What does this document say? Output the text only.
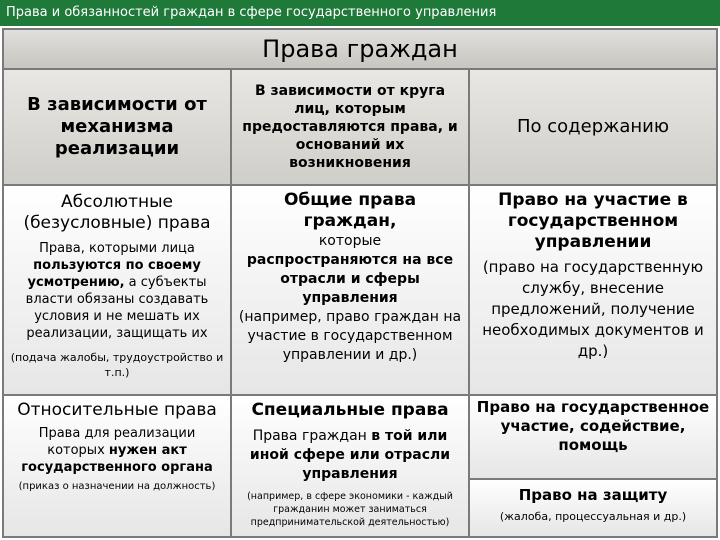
Права и обязанностей граждан в сфере государственного управления
Права граждан
В зависимости от механизма реализации
В зависимости от круга лиц, которым предоставляются права, и оснований их возникновения
По содержанию
Абсолютные (безусловные) права
Права, которыми лица пользуются по своему усмотрению, а субъекты власти обязаны создавать условия и не мешать их реализации, защищать их
(подача жалобы, трудоустройство и т.п.)
Общие права граждан,
которые
распространяются на все отрасли и сферы управления
(например, право граждан на участие в государственном управлении и др.)
Право на участие в государственном управлении
(право на государственную службу, внесение предложений, получение необходимых документов и др.)
Относительные права
Права для реализации которых нужен акт государственного органа
(приказ о назначении на должность)
Специальные права
Права граждан в той или иной сфере или отрасли управления
(например, в сфере экономики - каждый гражданин может заниматься предпринимательской деятельностью)
Право на государственное участие, содействие, помощь
Право на защиту
(жалоба, процессуальная и др.)
